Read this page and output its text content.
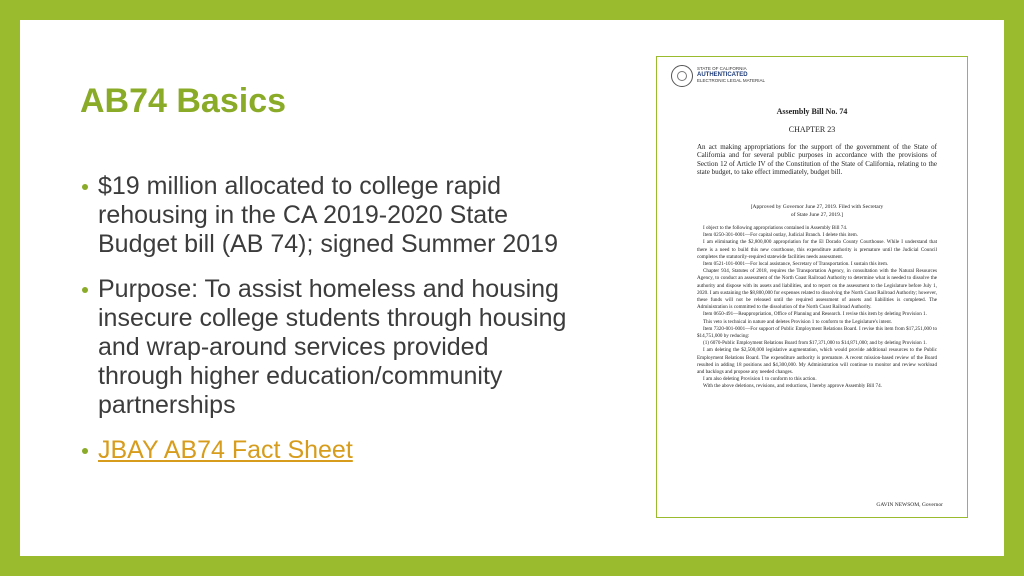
AB74 Basics
$19 million allocated to college rapid rehousing in the CA 2019-2020 State Budget bill (AB 74); signed Summer 2019
Purpose: To assist homeless and housing insecure college students through housing and wrap-around services provided through higher education/community partnerships
JBAY AB74 Fact Sheet
STATE OF CALIFORNIA
AUTHENTICATED
ELECTRONIC LEGAL MATERIAL
Assembly Bill No. 74
CHAPTER 23
An act making appropriations for the support of the government of the State of California and for several public purposes in accordance with the provisions of Section 12 of Article IV of the Constitution of the State of California, relating to the state budget, to take effect immediately, budget bill.
[Approved by Governor June 27, 2019. Filed with Secretary
of State June 27, 2019.]

I object to the following appropriations contained in Assembly Bill 74.

Item 0250-301-0001—For capital outlay, Judicial Branch. I delete this item.

I am eliminating the $2,800,000 appropriation for the El Dorado County Courthouse. While I understand that there is a need to build this new courthouse, this expenditure authority is premature until the Judicial Council completes the statutorily-required statewide facilities needs assessment.

Item 0521-101-0001—For local assistance, Secretary of Transportation. I sustain this item.

Chapter 934, Statutes of 2018, requires the Transportation Agency, in consultation with the Natural Resources Agency, to conduct an assessment of the North Coast Railroad Authority to determine what is needed to dissolve the authority and dispose with its assets and liabilities, and to report on the assessment to the Legislature before July 1, 2020. I am sustaining the $8,800,000 for expenses related to dissolving the North Coast Railroad Authority; however, these funds will not be released until the required assessment of assets and liabilities is completed. The Administration is committed to the dissolution of the North Coast Railroad Authority.

Item 0650-491—Reappropriation, Office of Planning and Research. I revise this item by deleting Provision 1.

This veto is technical in nature and deletes Provision 1 to conform to the Legislature's intent.

Item 7320-001-0001—For support of Public Employment Relations Board. I revise this item from $17,251,000 to $14,751,000 by reducing:

(1) 6070-Public Employment Relations Board from $17,371,000 to $14,871,000; and by deleting Provision 1.

I am deleting the $2,500,000 legislative augmentation, which would provide additional resources to the Public Employment Relations Board. The expenditure authority is premature. A recent mission-based review of the Board resulted in adding 18 positions and $4,300,000. My Administration will continue to monitor and review workload and backlogs and propose any needed changes.

I am also deleting Provision 1 to conform to this action.

With the above deletions, revisions, and reductions, I hereby approve Assembly Bill 74.

GAVIN NEWSOM, Governor
